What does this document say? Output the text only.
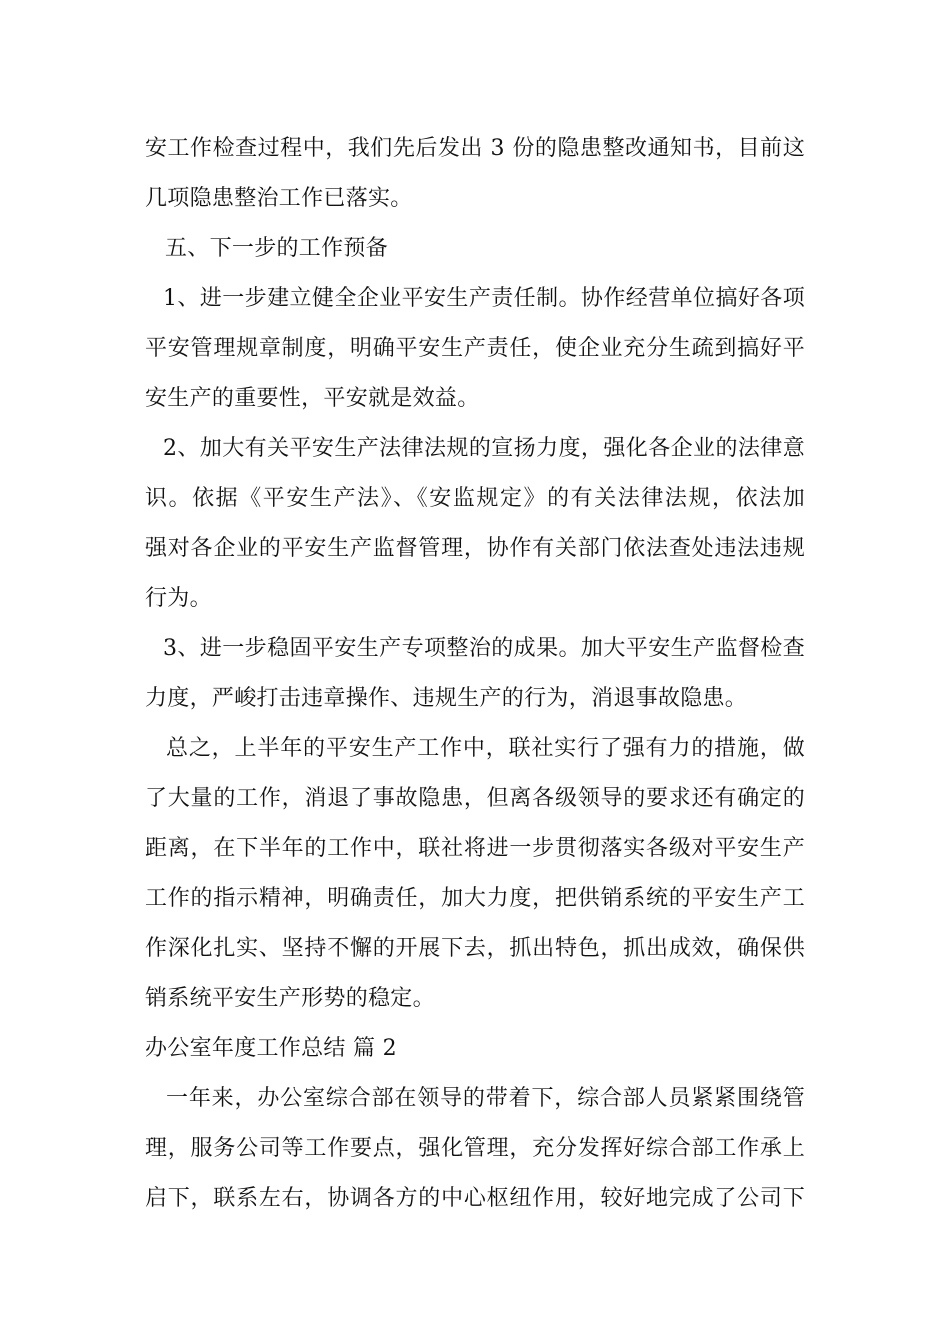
安工作检查过程中，我们先后发出 3 份的隐患整改通知书，目前这
几项隐患整治工作已落实。
五、下一步的工作预备
1、进一步建立健全企业平安生产责任制。协作经营单位搞好各项
平安管理规章制度，明确平安生产责任，使企业充分生疏到搞好平
安生产的重要性，平安就是效益。
2、加大有关平安生产法律法规的宣扬力度，强化各企业的法律意
识。依据《平安生产法》、《安监规定》的有关法律法规，依法加
强对各企业的平安生产监督管理，协作有关部门依法查处违法违规
行为。
3、进一步稳固平安生产专项整治的成果。加大平安生产监督检查
力度，严峻打击违章操作、违规生产的行为，消退事故隐患。
总之，上半年的平安生产工作中，联社实行了强有力的措施，做
了大量的工作，消退了事故隐患，但离各级领导的要求还有确定的
距离，在下半年的工作中，联社将进一步贯彻落实各级对平安生产
工作的指示精神，明确责任，加大力度，把供销系统的平安生产工
作深化扎实、坚持不懈的开展下去，抓出特色，抓出成效，确保供
销系统平安生产形势的稳定。
办公室年度工作总结 篇 2
一年来，办公室综合部在领导的带着下，综合部人员紧紧围绕管
理，服务公司等工作要点，强化管理，充分发挥好综合部工作承上
启下，联系左右，协调各方的中心枢纽作用，较好地完成了公司下
